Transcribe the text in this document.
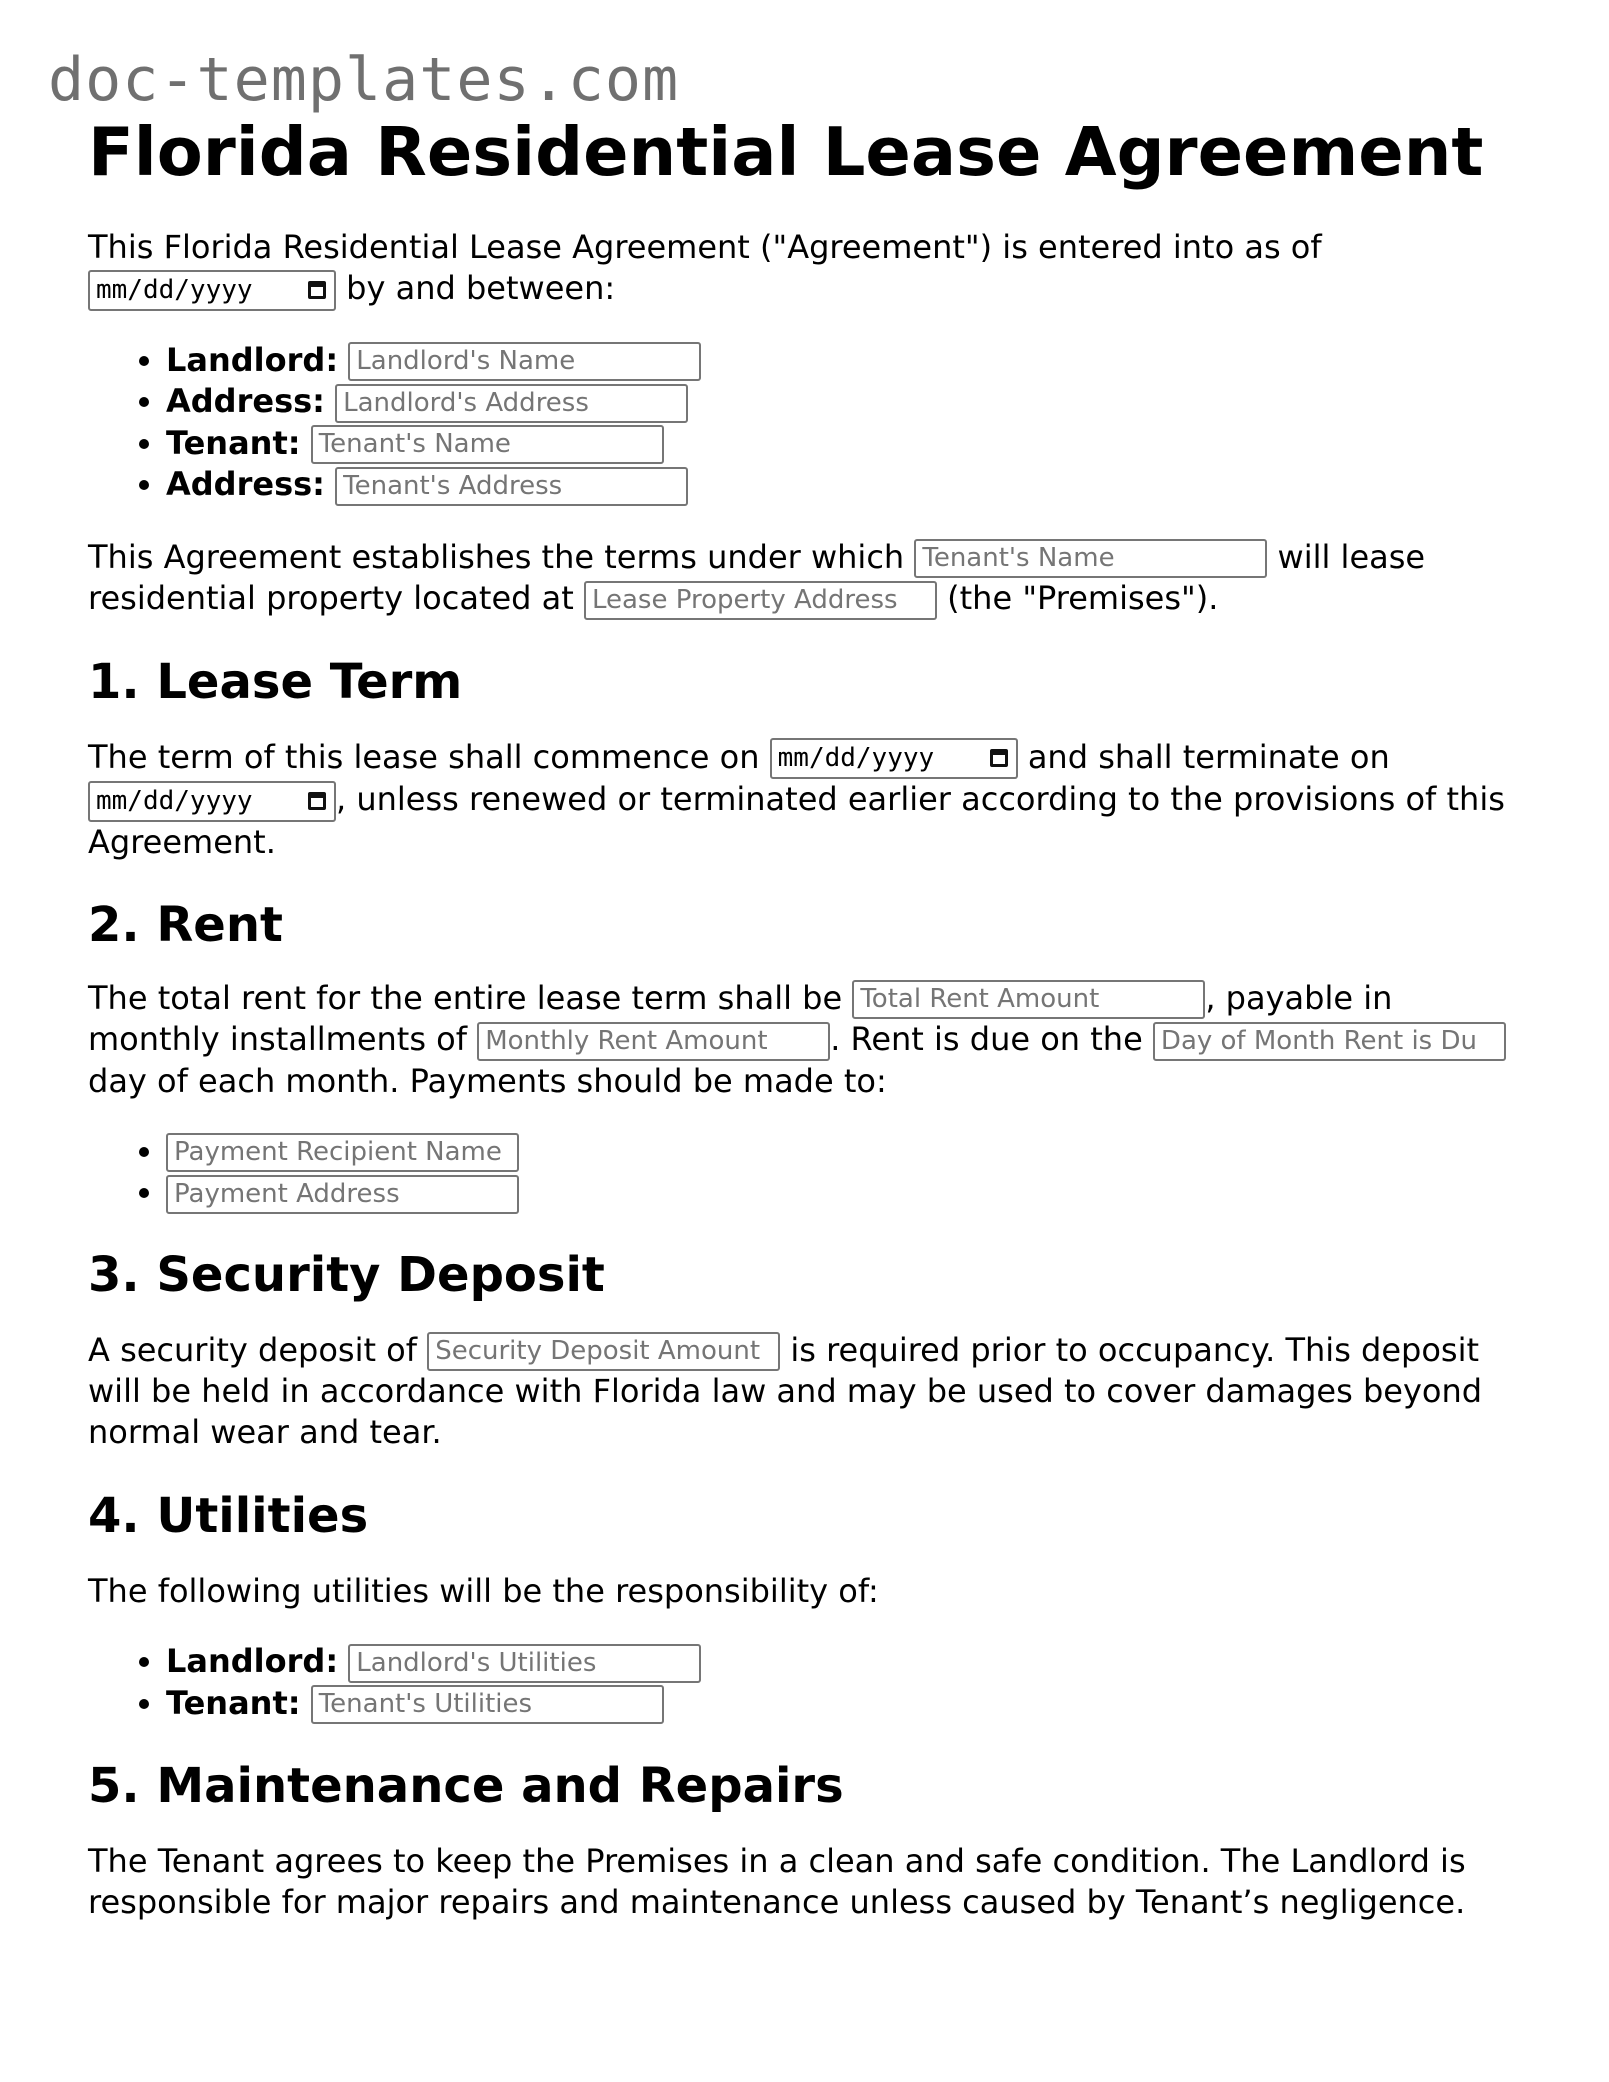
doc-templates.com
Florida Residential Lease Agreement

This Florida Residential Lease Agreement ("Agreement") is entered into as of
mm/dd/yyyy	by and between:

• Landlord: Landlord's Name
• Address: Landlord's Address
• Tenant: Tenant's Name
• Address: Tenant's Address

This Agreement establishes the terms under which Tenant's Name	will lease residential property located at Lease Property Address (the "Premises").

1. Lease Term

The term of this lease shall commence on mm/dd/yyyy	and shall terminate on mm/dd/yyyy	, unless renewed or terminated earlier according to the provisions of this Agreement.

2. Rent

The total rent for the entire lease term shall be Total Rent Amount	, payable in monthly installments of Monthly Rent Amount . Rent is due on the Day of Month Rent is Du day of each month. Payments should be made to:

• Payment Recipient Name
• Payment Address
3. Security Deposit

A security deposit of Security Deposit Amount is required prior to occupancy. This deposit will be held in accordance with Florida law and may be used to cover damages beyond normal wear and tear.

4. Utilities

The following utilities will be the responsibility of:

• Landlord: Landlord's Utilities
• Tenant: Tenant's Utilities
5. Maintenance and Repairs

The Tenant agrees to keep the Premises in a clean and safe condition. The Landlord is responsible for major repairs and maintenance unless caused by Tenant’s negligence.
